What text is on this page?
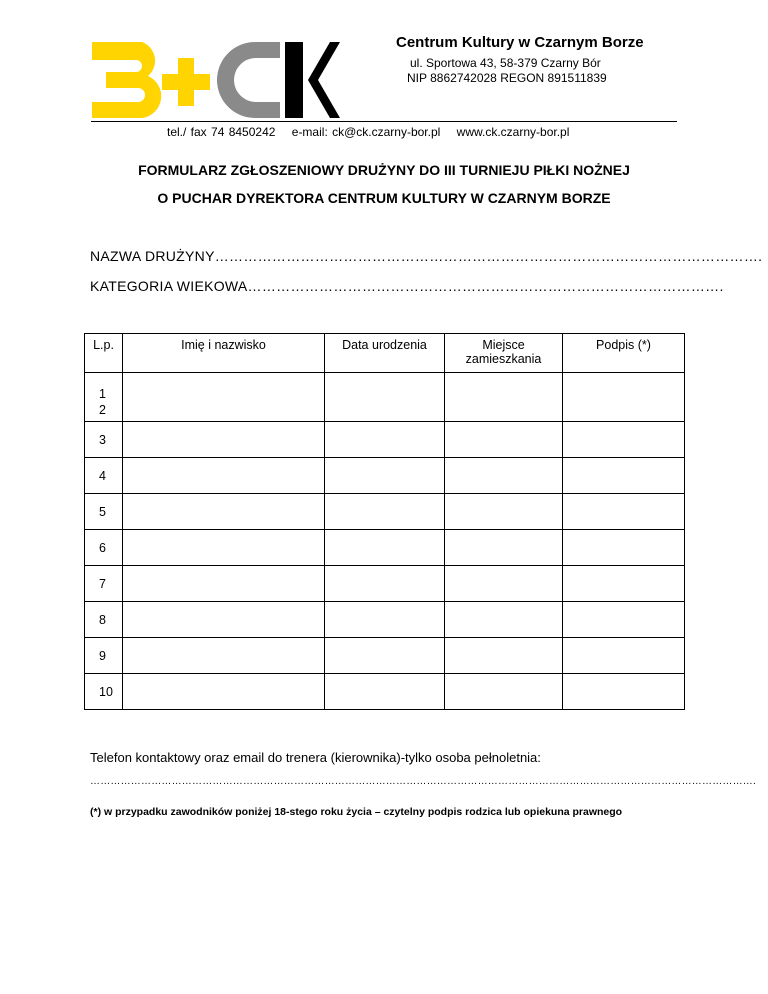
Centrum Kultury w Czarnym Borze
ul. Sportowa 43, 58-379 Czarny Bór
NIP 8862742028 REGON 891511839
tel./ fax 74 8450242 e-mail: ck@ck.czarny-bor.pl www.ck.czarny-bor.pl
FORMULARZ ZGŁOSZENIOWY DRUŻYNY DO III TURNIEJU PIŁKI NOŻNEJ
O PUCHAR DYREKTORA CENTRUM KULTURY W CZARNYM BORZE
NAZWA DRUŻYNY…………………………………………………………………………………………………….
KATEGORIA WIEKOWA……………………………………………………………………………………….
L.p.	Imię i nazwisko	Data urodzenia	Miejsce zamieszkania	Podpis (*)
1
2				
3				
4				
5				
6				
7				
8				
9				
10				
Telefon kontaktowy oraz email do trenera (kierownika)-tylko osoba pełnoletnia:
…………………………………………………………………………………………………………………………………………………………………………….
(*) w przypadku zawodników poniżej 18-stego roku życia – czytelny podpis rodzica lub opiekuna prawnego
